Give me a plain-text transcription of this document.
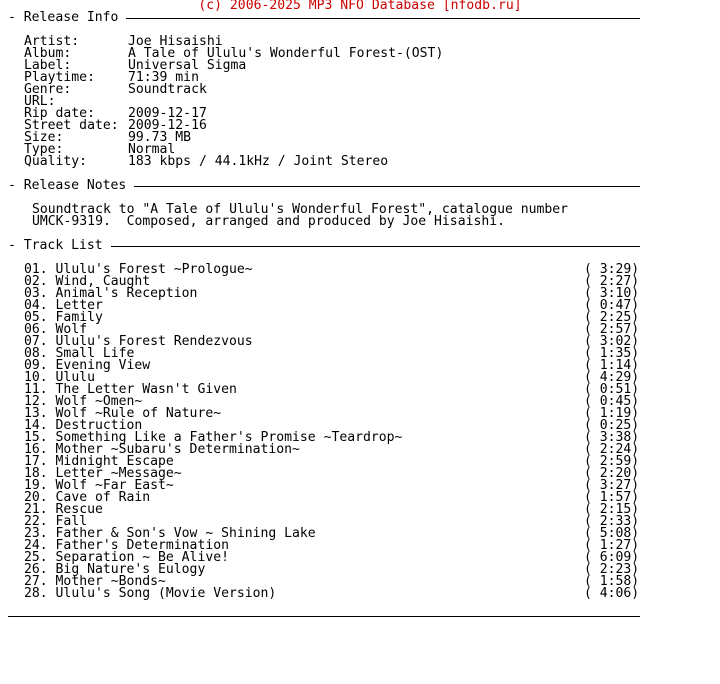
(c) 2006-2025 MP3 NFO Database [nfodb.ru]
- Release Info
Artist:	Joe Hisaishi
Album:	A Tale of Ululu's Wonderful Forest-(OST)
Label:	Universal Sigma
Playtime:	71:39 min
Genre:	Soundtrack
URL:
Rip date:	2009-12-17
Street date: 2009-12-16
Size:	99.73 MB
Type:	Normal
Quality:	183 kbps / 44.1kHz / Joint Stereo
- Release Notes
Soundtrack to "A Tale of Ululu's Wonderful Forest", catalogue number
UMCK-9319.  Composed, arranged and produced by Joe Hisaishi.
- Track List
01. Ululu's Forest ~Prologue~	( 3:29)
02. Wind, Caught	( 2:27)
03. Animal's Reception	( 3:10)
04. Letter	( 0:47)
05. Family	( 2:25)
06. Wolf	( 2:57)
07. Ululu's Forest Rendezvous	( 3:02)
08. Small Life	( 1:35)
09. Evening View	( 1:14)
10. Ululu	( 4:29)
11. The Letter Wasn't Given	( 0:51)
12. Wolf ~Omen~	( 0:45)
13. Wolf ~Rule of Nature~	( 1:19)
14. Destruction	( 0:25)
15. Something Like a Father's Promise ~Teardrop~	( 3:38)
16. Mother ~Subaru's Determination~	( 2:24)
17. Midnight Escape	( 2:59)
18. Letter ~Message~	( 2:20)
19. Wolf ~Far East~	( 3:27)
20. Cave of Rain	( 1:57)
21. Rescue	( 2:15)
22. Fall	( 2:33)
23. Father & Son's Vow ~ Shining Lake	( 5:08)
24. Father's Determination	( 1:27)
25. Separation ~ Be Alive!	( 6:09)
26. Big Nature's Eulogy	( 2:23)
27. Mother ~Bonds~	( 1:58)
28. Ululu's Song (Movie Version)	( 4:06)
